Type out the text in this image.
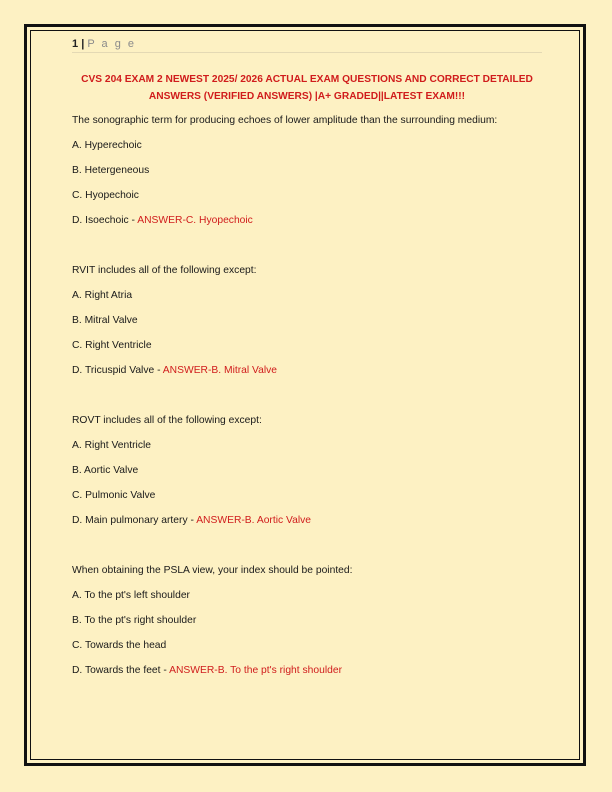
1 | P a g e
CVS 204 EXAM 2 NEWEST 2025/ 2026 ACTUAL EXAM QUESTIONS AND CORRECT DETAILED
ANSWERS (VERIFIED ANSWERS) |A+ GRADED||LATEST EXAM!!!
The sonographic term for producing echoes of lower amplitude than the surrounding medium:
A. Hyperechoic
B. Hetergeneous
C. Hyopechoic
D. Isoechoic - ANSWER-C. Hyopechoic
RVIT includes all of the following except:
A. Right Atria
B. Mitral Valve
C. Right Ventricle
D. Tricuspid Valve - ANSWER-B. Mitral Valve
ROVT includes all of the following except:
A. Right Ventricle
B. Aortic Valve
C. Pulmonic Valve
D. Main pulmonary artery - ANSWER-B. Aortic Valve
When obtaining the PSLA view, your index should be pointed:
A. To the pt's left shoulder
B. To the pt's right shoulder
C. Towards the head
D. Towards the feet - ANSWER-B. To the pt's right shoulder
